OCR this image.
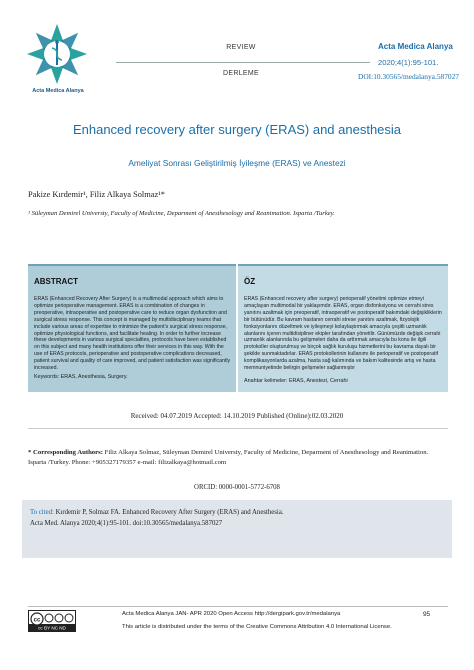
Acta Medica Alanya
REVIEW
DERLEME
Acta Medica Alanya
2020;4(1):95-101.
DOI:10.30565/medalanya.587027
Enhanced recovery after surgery (ERAS) and anesthesia
Ameliyat Sonrası Geliştirilmiş İyileşme (ERAS) ve Anestezi
Pakize Kırdemir¹, Filiz Alkaya Solmaz¹*
¹ Süleyman Demirel Universty, Faculty of Medicine, Deparment of Anesthesology and Reanimation. Isparta /Turkey.
ABSTRACT
ERAS (Enhanced Recovery After Surgery) is a multimodal approach which aims to optimize perioperative management. ERAS is a combination of changes in preoperative, intraoperative and postoperative care to reduce organ dysfunction and surgical stress response. This concept is managed by multidisciplinary teams that include various areas of expertise to minimize the patient's surgical stress response, optimize physiological functions, and facilitate healing. In order to further increase these developments in various surgical specialties, protocols have been established on this subject and many health institutions offer their services in this way. With the use of ERAS protocols, perioperative and postoperative complications decreased, patient survival and quality of care improved, and patient satisfaction was significantly increased.
Keywords: ERAS, Anesthesia, Surgery.
ÖZ
ERAS (Enhanced recovery after surgery) perioperatif yönetimi optimize etmeyi amaçlayan multimodal bir yaklaşımdır. ERAS, organ disfonksiyonu ve cerrahi stres yanıtını azaltmak için preoperatif, intraoperatif ve postoperatif bakımdaki değişikliklerin bir bütünüdür. Bu kavram hastanın cerrahi strese yanıtını azaltmak, fizyolojik fonksiyonlarını düzeltmek ve iyileşmeyi kolaylaştırmak amacıyla çeşitli uzmanlık alanlarını içeren multidisipliner ekipler tarafından yönetilir. Günümüzde değişik cerrahi uzmanlık alanlarında bu gelişmeleri daha da arttırmak amacıyla bu konu ile ilgili protokoller oluşturulmuş ve birçok sağlık kuruluşu hizmetlerini bu kavrama dayalı bir şekilde sunmaktadırlar. ERAS protokollerinin kullanımı ile perioperatif ve postoperatif komplikasyonlarda azalma, hasta sağ kalımında ve bakım kalitesinde artış ve hasta memnuniyetinde belirgin gelişmeler sağlanmıştır
Anahtar kelimeler: ERAS, Anestezi, Cerrahi
Received: 04.07.2019 Accepted: 14.10.2019 Published (Online):02.03.2020
* Corresponding Authors: Filiz Alkaya Solmaz, Süleyman Demirel Universty, Faculty of Medicine, Deparment of Anesthesology and Reanimation. Isparta /Turkey. Phone: +905327179357 e-mail: filizalkaya@hotmail.com
ORCID: 0000-0001-5772-6708
To cited: Kırdemir P, Solmaz FA. Enhanced Recovery After Surgery (ERAS) and Anesthesia.
Acta Med. Alanya 2020;4(1):95-101. doi:10.30565/medalanya.587027
cc
cc BY NC ND
Acta Medica Alanya JAN- APR 2020 Open Access http://dergipark.gov.tr/medalanya	95
This article is distributed under the terms of the Creative Commons Attribution 4.0 International License.
